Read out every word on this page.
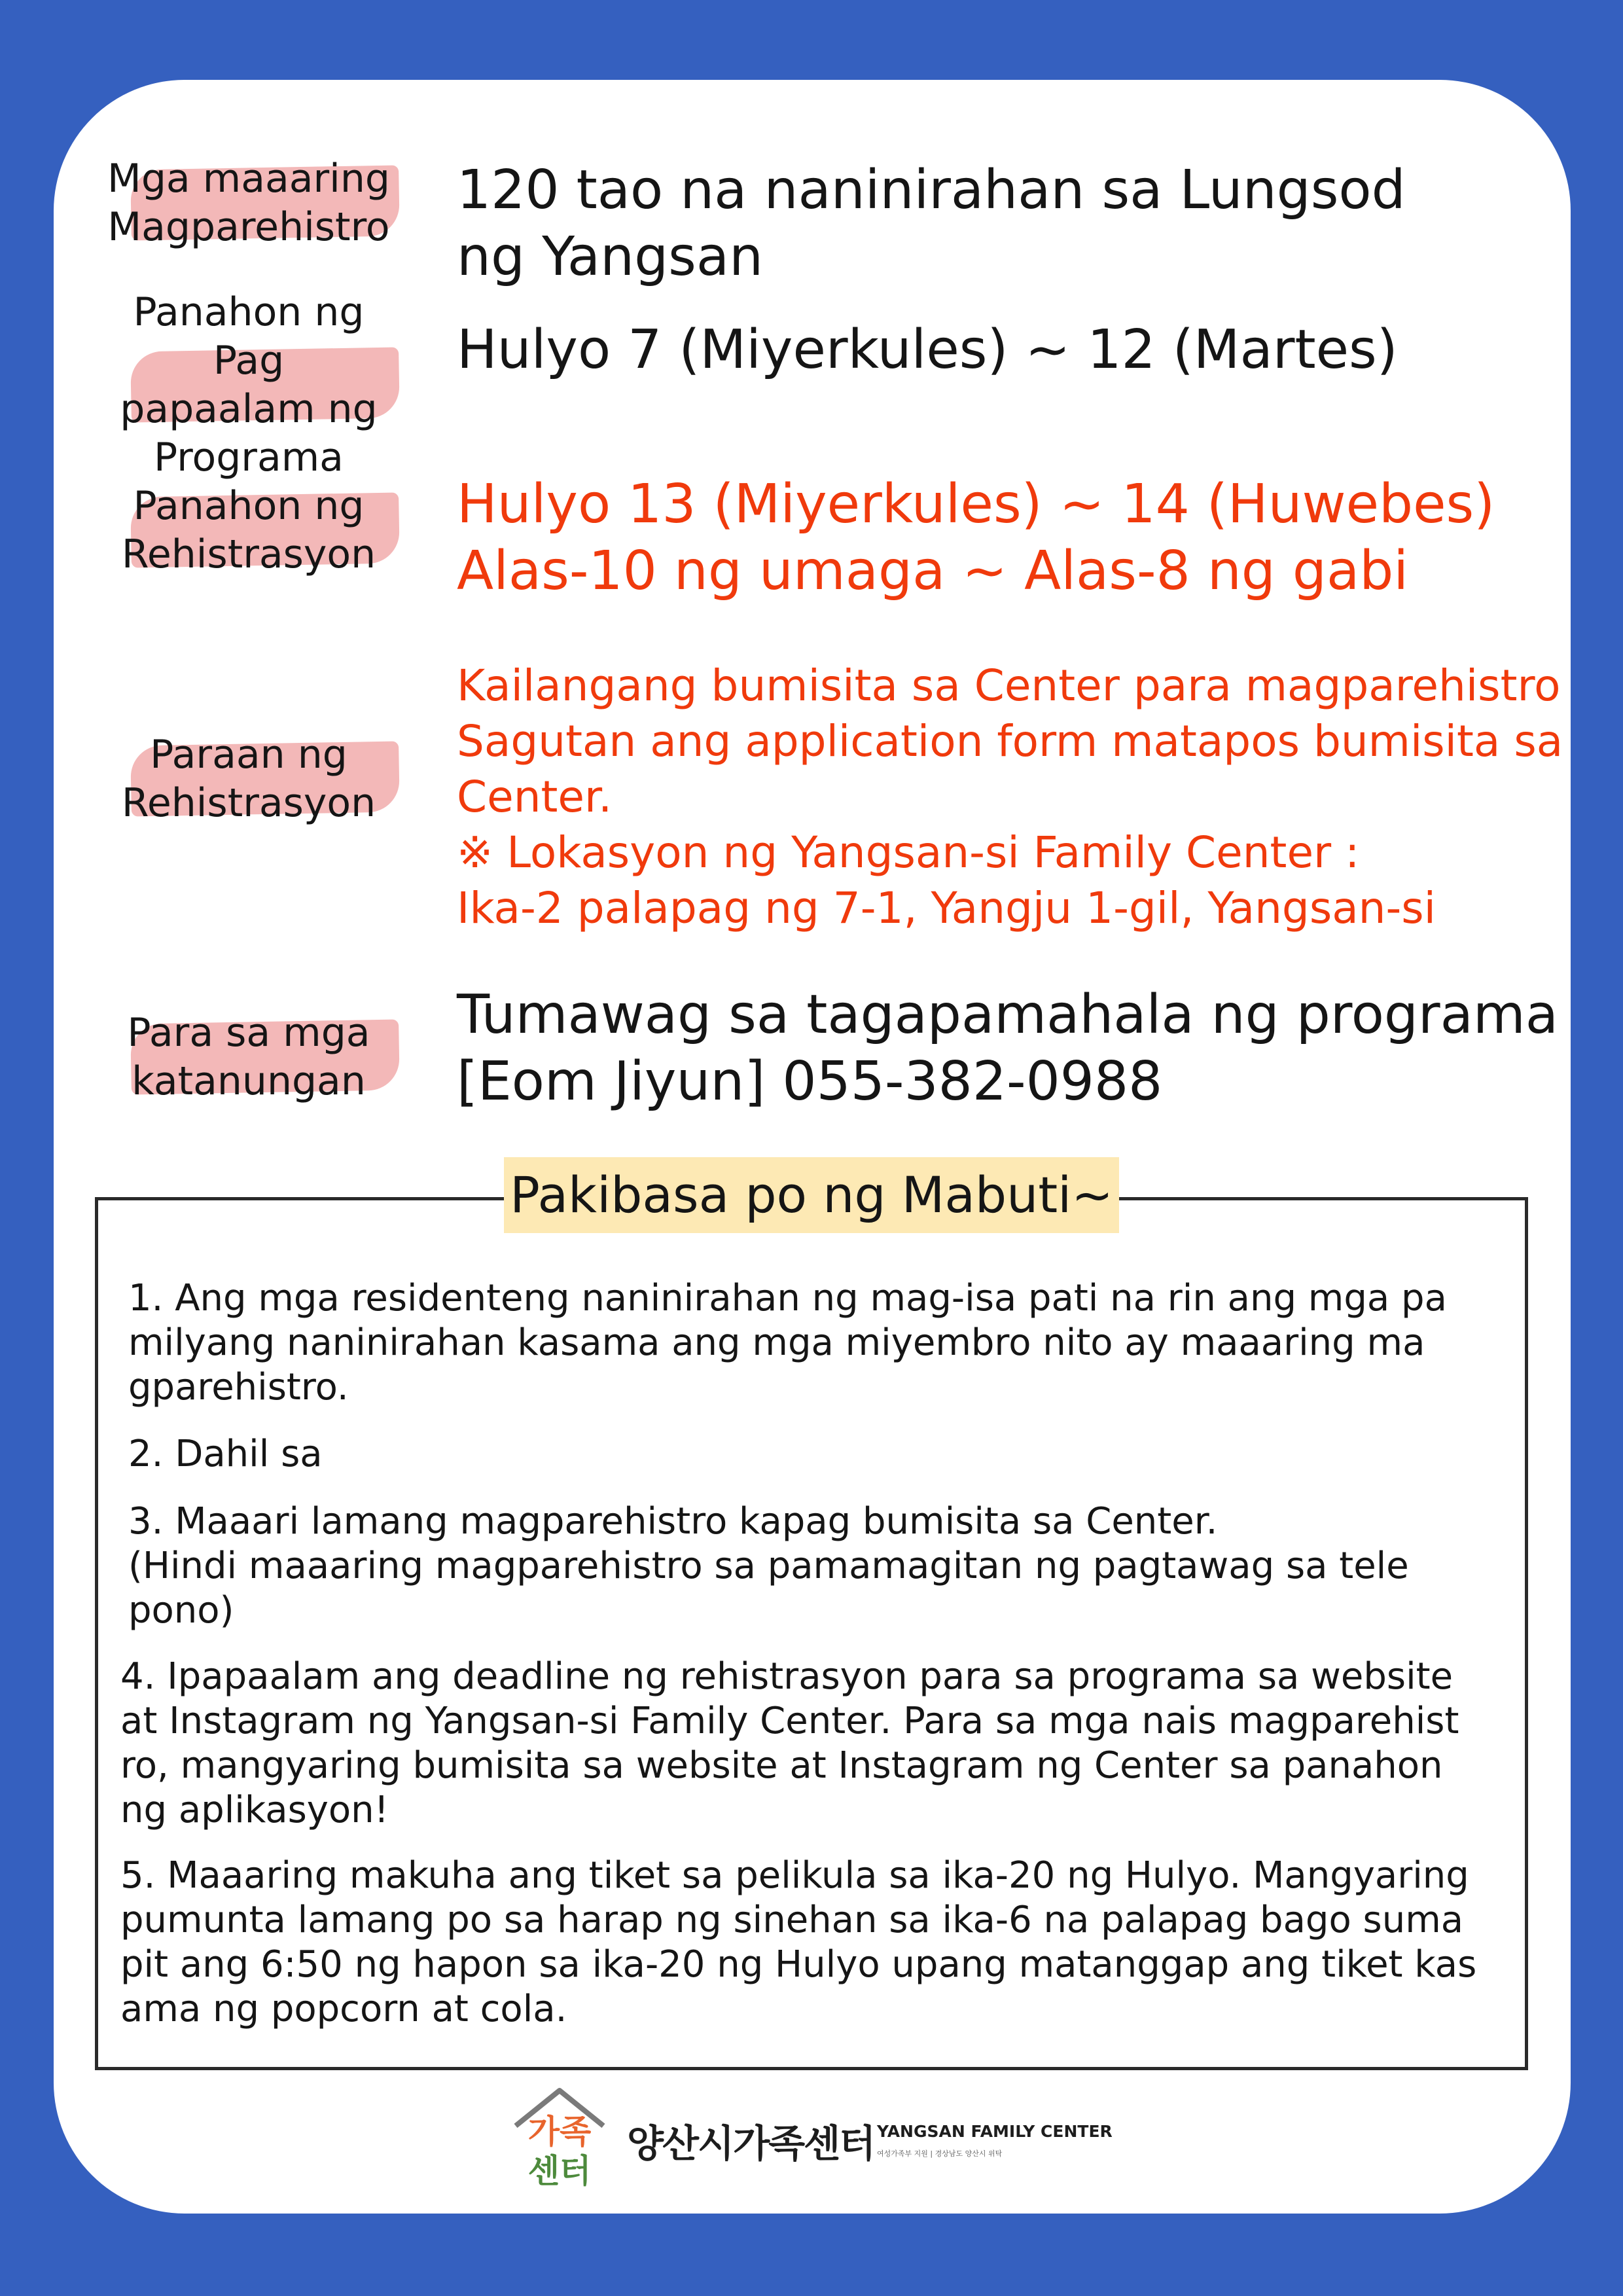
Mga maaaring
Magparehistro
120 tao na naninirahan sa Lungsod
ng Yangsan
Panahon ng Pag
papaalam ng
Programa
Hulyo 7 (Miyerkules) ~ 12 (Martes)
Panahon ng
Rehistrasyon
Hulyo 13 (Miyerkules) ~ 14 (Huwebes)
Alas-10 ng umaga ~ Alas-8 ng gabi
Paraan ng
Rehistrasyon
Kailangang bumisita sa Center para magparehistro
Sagutan ang application form matapos bumisita sa
Center.
※ Lokasyon ng Yangsan-si Family Center :
Ika-2 palapag ng 7-1, Yangju 1-gil, Yangsan-si
Para sa mga
katanungan
Tumawag sa tagapamahala ng programa
[Eom Jiyun] 055-382-0988
Pakibasa po ng Mabuti~
1. Ang mga residenteng naninirahan ng mag-isa pati na rin ang mga pa
milyang naninirahan kasama ang mga miyembro nito ay maaaring ma
gparehistro.
2. Dahil sa
3. Maaari lamang magparehistro kapag bumisita sa Center.
(Hindi maaaring magparehistro sa pamamagitan ng pagtawag sa tele
pono)
4. Ipapaalam ang deadline ng rehistrasyon para sa programa sa website
at Instagram ng Yangsan-si Family Center. Para sa mga nais magparehist
ro, mangyaring bumisita sa website at Instagram ng Center sa panahon
ng aplikasyon!
5. Maaaring makuha ang tiket sa pelikula sa ika-20 ng Hulyo. Mangyaring
pumunta lamang po sa harap ng sinehan sa ika-6 na palapag bago suma
pit ang 6:50 ng hapon sa ika-20 ng Hulyo upang matanggap ang tiket kas
ama ng popcorn at cola.
가족
센터
양산시가족센터 YANGSAN FAMILY CENTER
여성가족부 지원 | 경상남도 양산시 위탁
